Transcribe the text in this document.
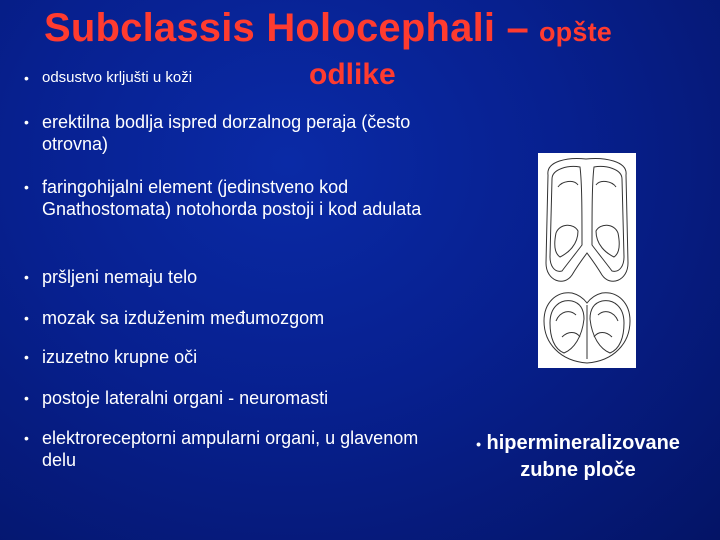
Subclassis Holocephali – opšte
odlike
• odsustvo krljušti u koži
• erektilna bodlja ispred dorzalnog peraja (često otrovna)
• faringohijalni element (jedinstveno kod Gnathostomata) notohorda postoji i kod adulata
• pršljeni nemaju telo
• mozak sa izduženim međumozgom
• izuzetno krupne oči
• postoje lateralni organi - neuromasti
• elektroreceptorni ampularni organi, u glavenom delu
• hipermineralizovane zubne ploče
